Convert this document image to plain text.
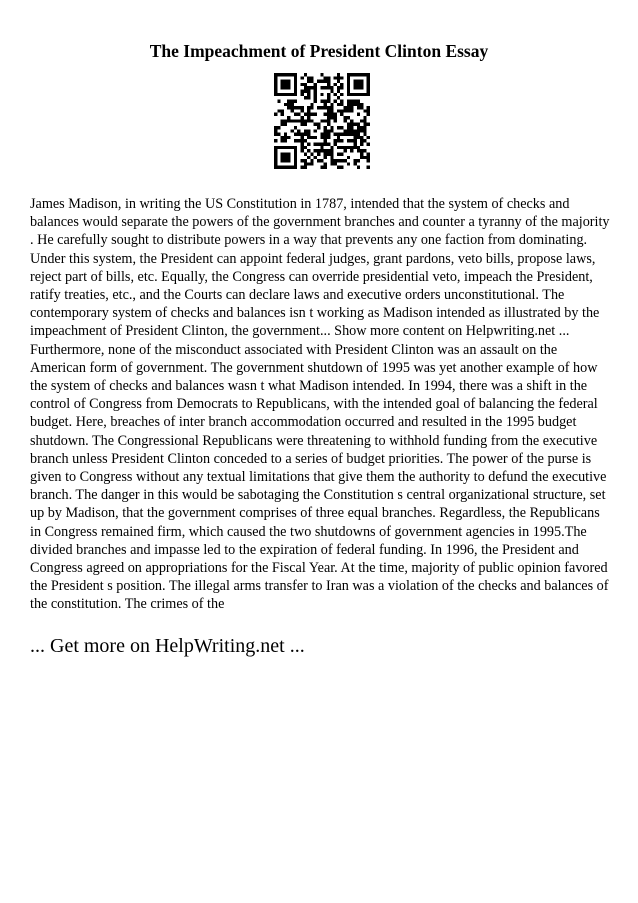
The Impeachment of President Clinton Essay

James Madison, in writing the US Constitution in 1787, intended that the system of checks and balances would separate the powers of the government branches and counter a tyranny of the majority . He carefully sought to distribute powers in a way that prevents any one faction from dominating. Under this system, the President can appoint federal judges, grant pardons, veto bills, propose laws, reject part of bills, etc. Equally, the Congress can override presidential veto, impeach the President, ratify treaties, etc., and the Courts can declare laws and executive orders unconstitutional. The contemporary system of checks and balances isn t working as Madison intended as illustrated by the impeachment of President Clinton, the government... Show more content on Helpwriting.net ...

Furthermore, none of the misconduct associated with President Clinton was an assault on the American form of government. The government shutdown of 1995 was yet another example of how the system of checks and balances wasn t what Madison intended. In 1994, there was a shift in the control of Congress from Democrats to Republicans, with the intended goal of balancing the federal budget. Here, breaches of inter branch accommodation occurred and resulted in the 1995 budget shutdown. The Congressional Republicans were threatening to withhold funding from the executive branch unless President Clinton conceded to a series of budget priorities. The power of the purse is given to Congress without any textual limitations that give them the authority to defund the executive branch. The danger in this would be sabotaging the Constitution s central organizational structure, set up by Madison, that the government comprises of three equal branches. Regardless, the Republicans in Congress remained firm, which caused the two shutdowns of government agencies in 1995.The divided branches and impasse led to the expiration of federal funding. In 1996, the President and Congress agreed on appropriations for the Fiscal Year. At the time, majority of public opinion favored the President s position. The illegal arms transfer to Iran was a violation of the checks and balances of the constitution. The crimes of the

... Get more on HelpWriting.net ...
